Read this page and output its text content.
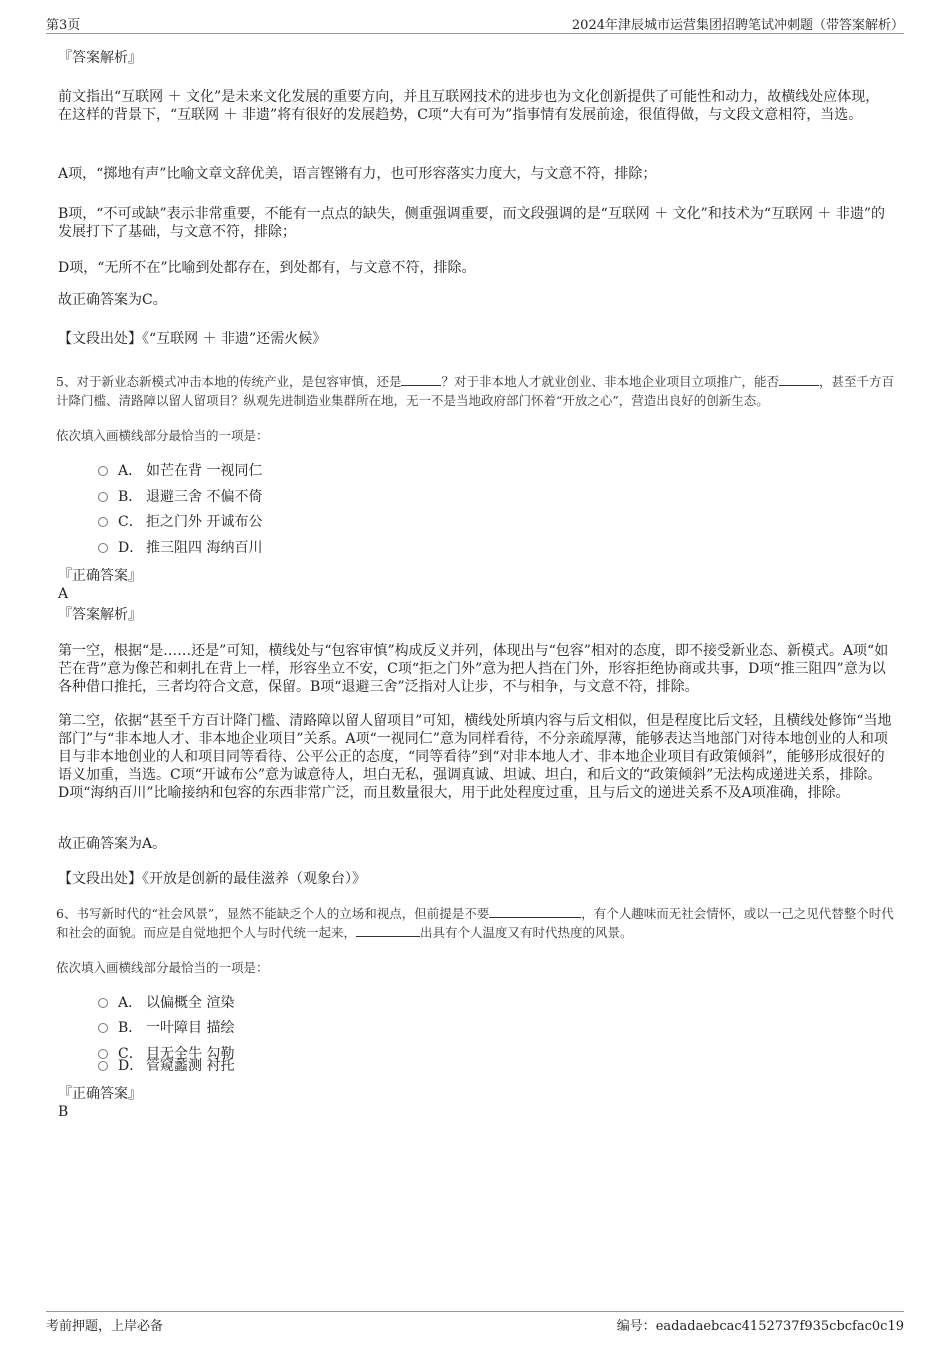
第3页	2024年津辰城市运营集团招聘笔试冲刺题（带答案解析）
『答案解析』
前文指出“互联网 ＋ 文化”是未来文化发展的重要方向，并且互联网技术的进步也为文化创新提供了可能性和动力，故横线处应体现，在这样的背景下，“互联网 ＋ 非遗”将有很好的发展趋势，C项“大有可为”指事情有发展前途，很值得做，与文段文意相符，当选。
A项，“掷地有声”比喻文章文辞优美，语言铿锵有力，也可形容落实力度大，与文意不符，排除；
B项，“不可或缺”表示非常重要，不能有一点点的缺失，侧重强调重要，而文段强调的是“互联网 ＋ 文化”和技术为“互联网 ＋ 非遗”的发展打下了基础，与文意不符，排除；
D项，“无所不在”比喻到处都存在，到处都有，与文意不符，排除。
故正确答案为C。
【文段出处】《“互联网 ＋ 非遗”还需火候》
5、对于新业态新模式冲击本地的传统产业，是包容审慎，还是	？对于非本地人才就业创业、非本地企业项目立项推广，能否	，甚至千方百计降门槛、清路障以留人留项目？纵观先进制造业集群所在地，无一不是当地政府部门怀着“开放之心”，营造出良好的创新生态。
依次填入画横线部分最恰当的一项是：
A． 如芒在背 一视同仁
B． 退避三舍 不偏不倚
C． 拒之门外 开诚布公
D． 推三阻四 海纳百川
『正确答案』
A
『答案解析』
第一空，根据“是……还是”可知，横线处与“包容审慎”构成反义并列，体现出与“包容”相对的态度，即不接受新业态、新模式。A项“如芒在背”意为像芒和刺扎在背上一样，形容坐立不安，C项“拒之门外”意为把人挡在门外，形容拒绝协商或共事，D项“推三阻四”意为以各种借口推托，三者均符合文意，保留。B项“退避三舍”泛指对人让步，不与相争，与文意不符，排除。
第二空，依据“甚至千方百计降门槛、清路障以留人留项目”可知，横线处所填内容与后文相似，但是程度比后文轻，且横线处修饰“当地部门”与“非本地人才、非本地企业项目”关系。A项“一视同仁”意为同样看待，不分亲疏厚薄，能够表达当地部门对待本地创业的人和项目与非本地创业的人和项目同等看待、公平公正的态度，“同等看待”到“对非本地人才、非本地企业项目有政策倾斜”，能够形成很好的语义加重，当选。C项“开诚布公”意为诚意待人，坦白无私，强调真诚、坦诚、坦白，和后文的“政策倾斜”无法构成递进关系，排除。D项“海纳百川”比喻接纳和包容的东西非常广泛，而且数量很大，用于此处程度过重，且与后文的递进关系不及A项准确，排除。
故正确答案为A。
【文段出处】《开放是创新的最佳滋养（观象台）》
6、书写新时代的“社会风景”，显然不能缺乏个人的立场和视点，但前提是不要	，有个人趣味而无社会情怀，或以一己之见代替整个时代和社会的面貌。而应是自觉地把个人与时代统一起来，	出具有个人温度又有时代热度的风景。
依次填入画横线部分最恰当的一项是：
A． 以偏概全 渲染
B． 一叶障目 描绘
C． 目无全牛 勾勒
D． 管窥蠡测 衬托
『正确答案』
B
考前押题，上岸必备	编号：eadadaebcac4152737f935cbcfac0c19
